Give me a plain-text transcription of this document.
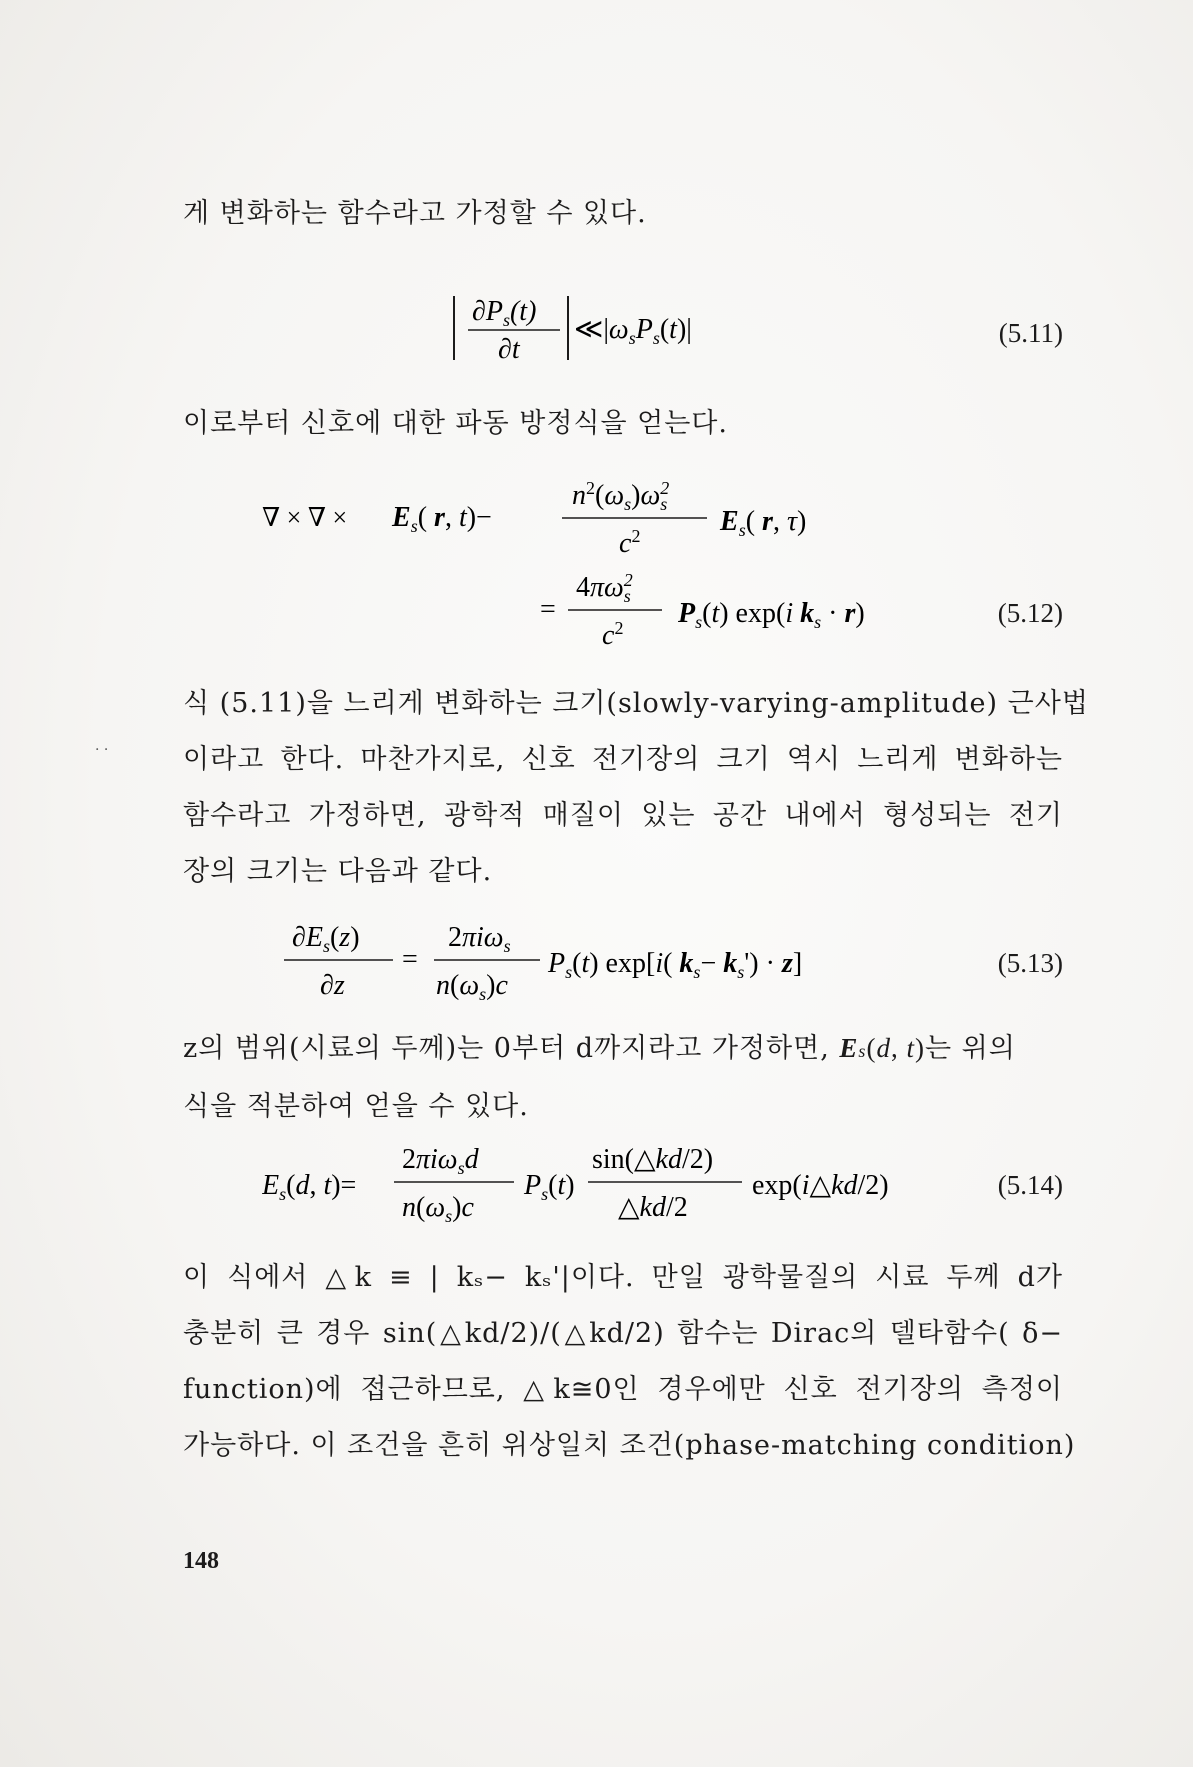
게 변화하는 함수라고 가정할 수 있다.
$\partial P_s(t)$
∂t
$≪|\omega_sP_s(t)|$	(5.11)
이로부터 신호에 대한 파동 방정식을 얻는다.
∇ × ∇ × $E_s$( r, t)−
$n^2(\omega_s)\omega^2$ s
$c^2$	$E_s$( r, τ)
=
$4\pi\omega^2$ s
$c^2$ $P_s(t)$ exp(i $k_s \cdot r$)	(5.12)
식 (5.11)을 느리게 변화하는 크기(slowly-varying-amplitude) 근사법
이라고 한다. 마찬가지로, 신호 전기장의 크기 역시 느리게 변화하는
함수라고 가정하면, 광학적 매질이 있는 공간 내에서 형성되는 전기
장의 크기는 다음과 같다.
· ·
$\partial E_s(z)$
∂z
=
2πiω$_s$
$n(\omega_s)c$
$P_s(t)$ exp[i( $k_s- k_s') \cdot z$]	(5.13)
z의 범위(시료의 두께)는 0부터 d까지라고 가정하면, Es(d, t)는 위의
식을 적분하여 얻을 수 있다.
$E_s(d$, t)=
2πiω$_s$d
$n(\omega_s)c$
$P_s(t)$
sin(△kd/2)
△kd/2
exp(i△kd/2)	(5.14)
이 식에서 △k ≡ | kₛ− kₛ'|이다. 만일 광학물질의 시료 두께 d가
충분히 큰 경우 sin(△kd/2)/(△kd/2) 함수는 Dirac의 델타함수( δ−
function)에 접근하므로, △k≅0인 경우에만 신호 전기장의 측정이
가능하다. 이 조건을 흔히 위상일치 조건(phase-matching condition)
148
